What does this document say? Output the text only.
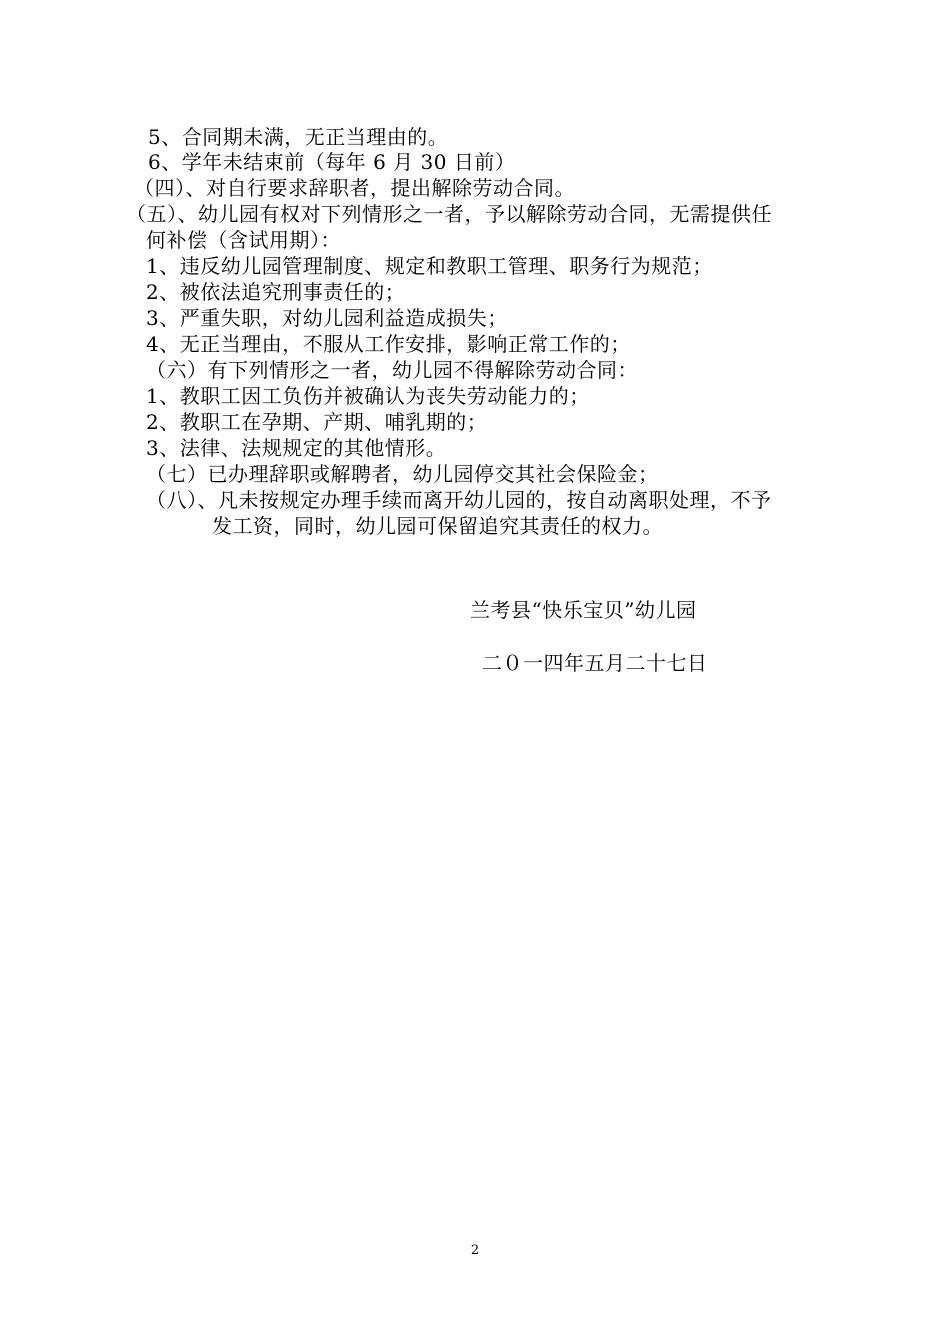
5、合同期未满，无正当理由的。
6、学年未结束前（每年 6 月 30 日前）
（四）、对自行要求辞职者，提出解除劳动合同。
（五）、幼儿园有权对下列情形之一者，予以解除劳动合同，无需提供任
何补偿（含试用期）：
1、违反幼儿园管理制度、规定和教职工管理、职务行为规范；
2、被依法追究刑事责任的；
3、严重失职，对幼儿园利益造成损失；
4、无正当理由，不服从工作安排，影响正常工作的；
（六）有下列情形之一者，幼儿园不得解除劳动合同：
1、教职工因工负伤并被确认为丧失劳动能力的；
2、教职工在孕期、产期、哺乳期的；
3、法律、法规规定的其他情形。
（七）已办理辞职或解聘者，幼儿园停交其社会保险金；
（八）、凡未按规定办理手续而离开幼儿园的，按自动离职处理，不予
发工资，同时，幼儿园可保留追究其责任的权力。
兰考县“快乐宝贝”幼儿园
二０一四年五月二十七日
2
